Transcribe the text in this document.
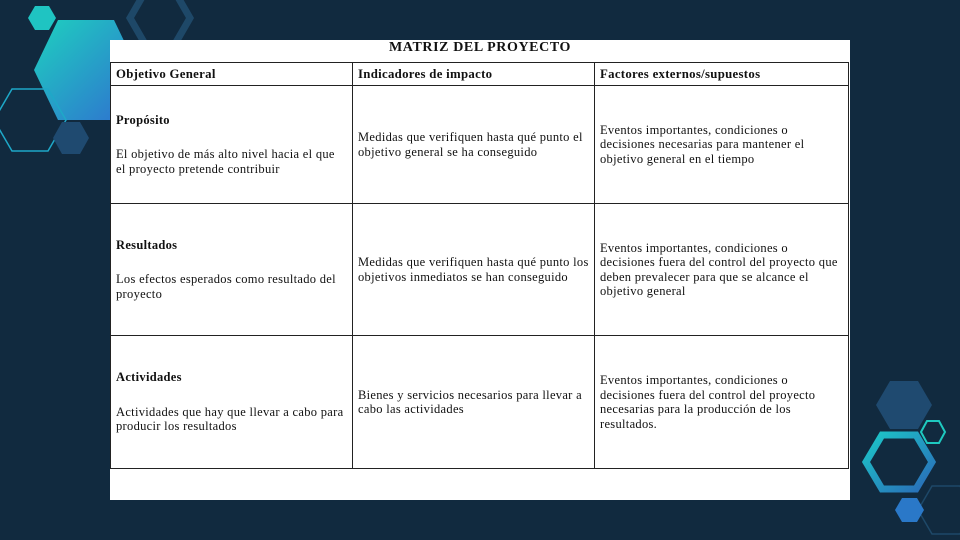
MATRIZ DEL PROYECTO
Objetivo General	Indicadores de impacto	Factores externos/supuestos

Propósito
El objetivo de más alto nivel hacia el que el proyecto pretende contribuir	Medidas que verifiquen hasta qué punto el objetivo general se ha conseguido	Eventos importantes, condiciones o decisiones necesarias para mantener el objetivo general en el tiempo

Resultados
Los efectos esperados como resultado del proyecto	Medidas que verifiquen hasta qué punto los objetivos inmediatos se han conseguido	Eventos importantes, condiciones o decisiones fuera del control del proyecto que deben prevalecer para que se alcance el objetivo general

Actividades
Actividades que hay que llevar a cabo para producir los resultados	Bienes y servicios necesarios para llevar a cabo las actividades	Eventos importantes, condiciones o decisiones fuera del control del proyecto necesarias para la producción de los resultados.
